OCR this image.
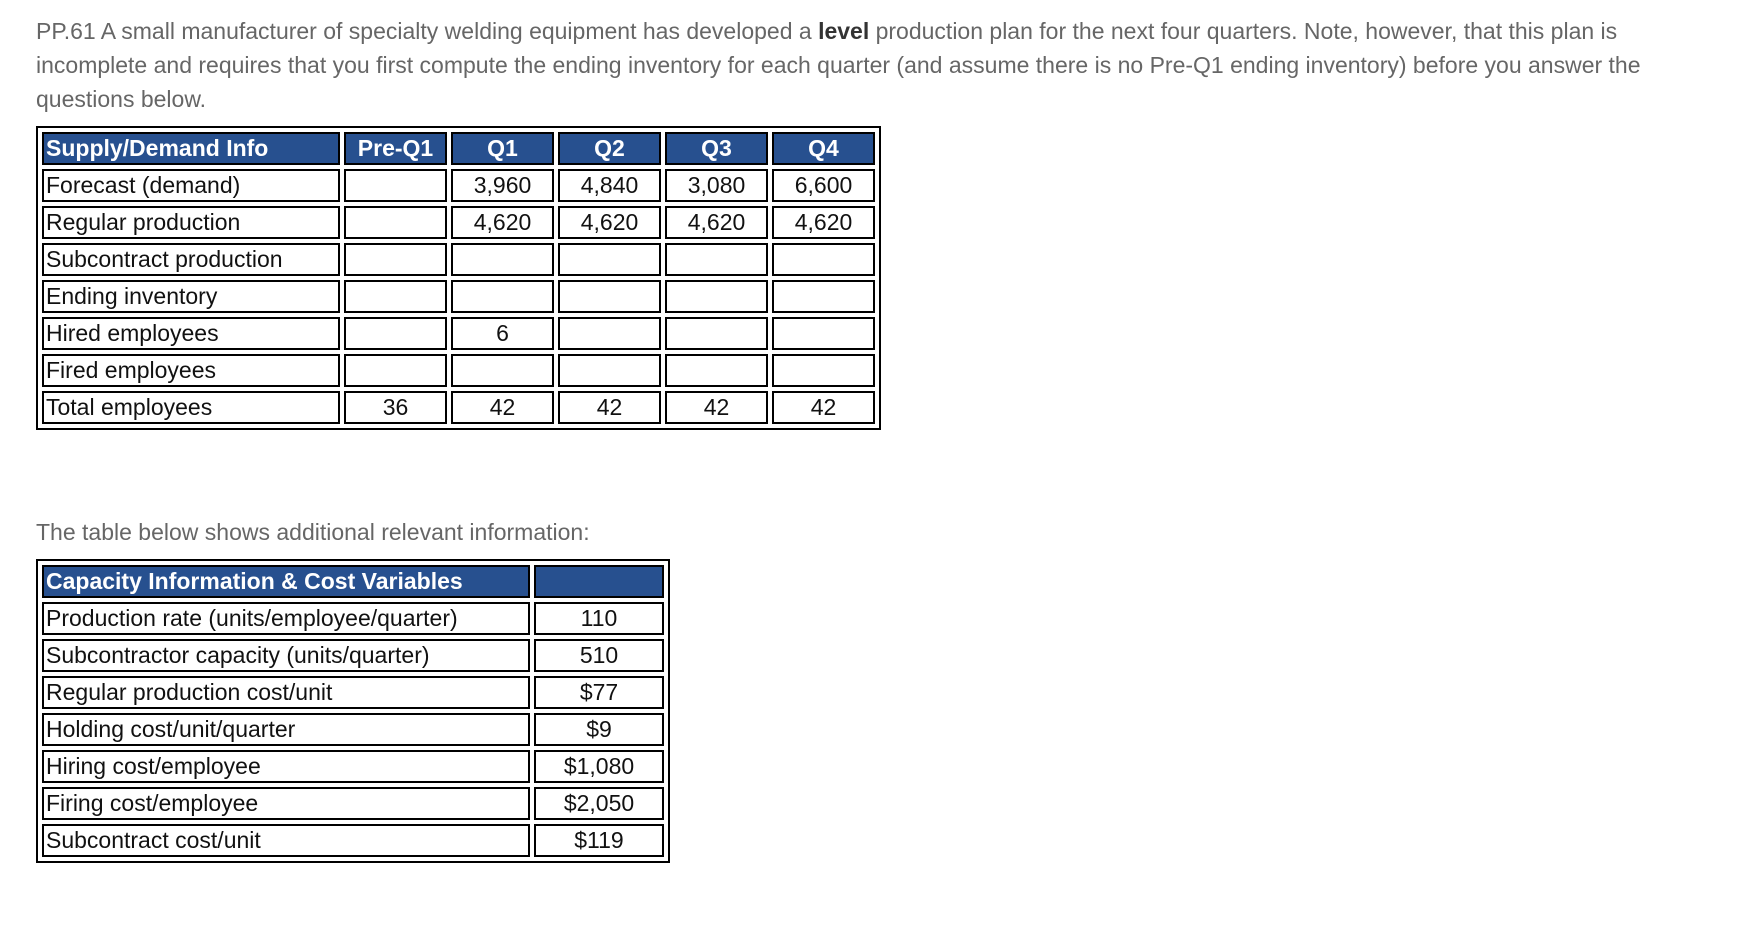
PP.61 A small manufacturer of specialty welding equipment has developed a level production plan for the next four quarters. Note, however, that this plan is incomplete and requires that you first compute the ending inventory for each quarter (and assume there is no Pre-Q1 ending inventory) before you answer the questions below.

Supply/Demand Info	Pre-Q1	Q1	Q2	Q3	Q4
Forecast (demand)		3,960	4,840	3,080	6,600
Regular production		4,620	4,620	4,620	4,620
Subcontract production					
Ending inventory					
Hired employees		6			
Fired employees					
Total employees	36	42	42	42	42

The table below shows additional relevant information:

Capacity Information & Cost Variables	
Production rate (units/employee/quarter)	110
Subcontractor capacity (units/quarter)	510
Regular production cost/unit	$77
Holding cost/unit/quarter	$9
Hiring cost/employee	$1,080
Firing cost/employee	$2,050
Subcontract cost/unit	$119
